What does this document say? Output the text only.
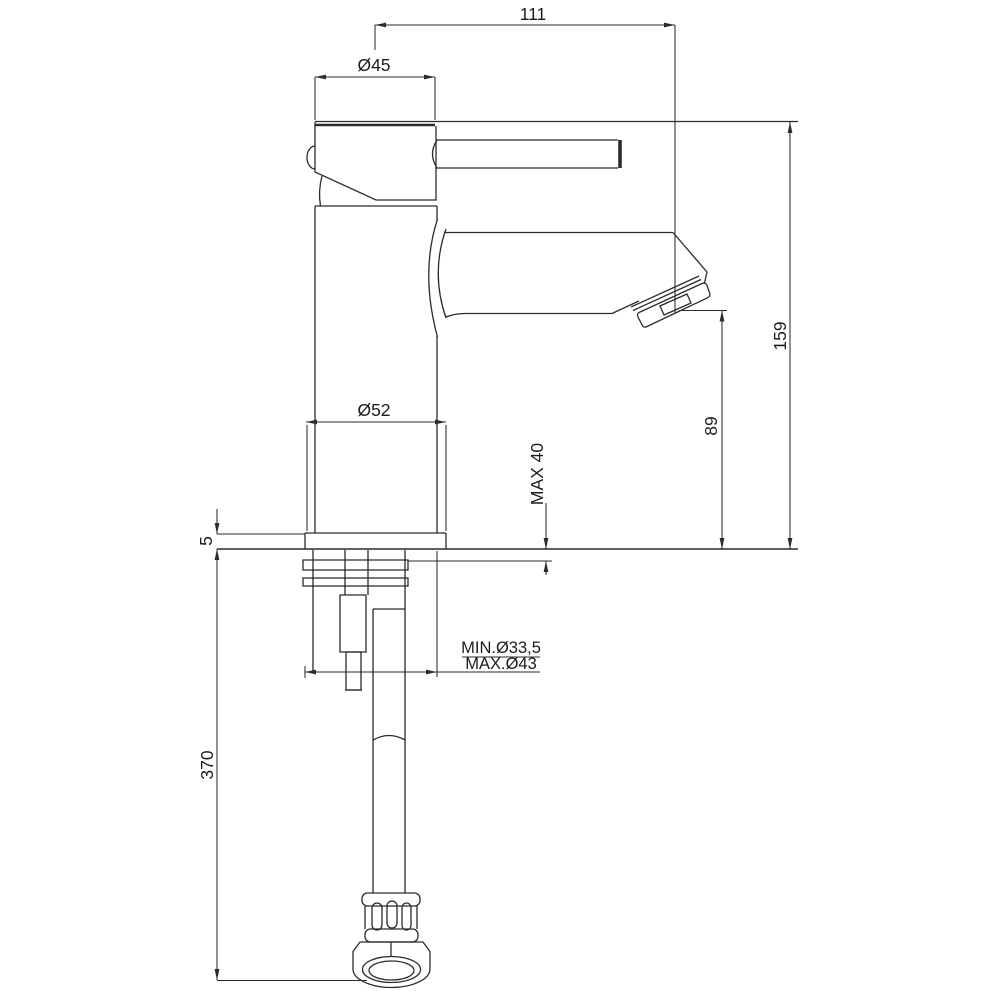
111
Ø45
159
89
Ø52
MAX 40
5
370
MIN.Ø33,5
MAX.Ø43
